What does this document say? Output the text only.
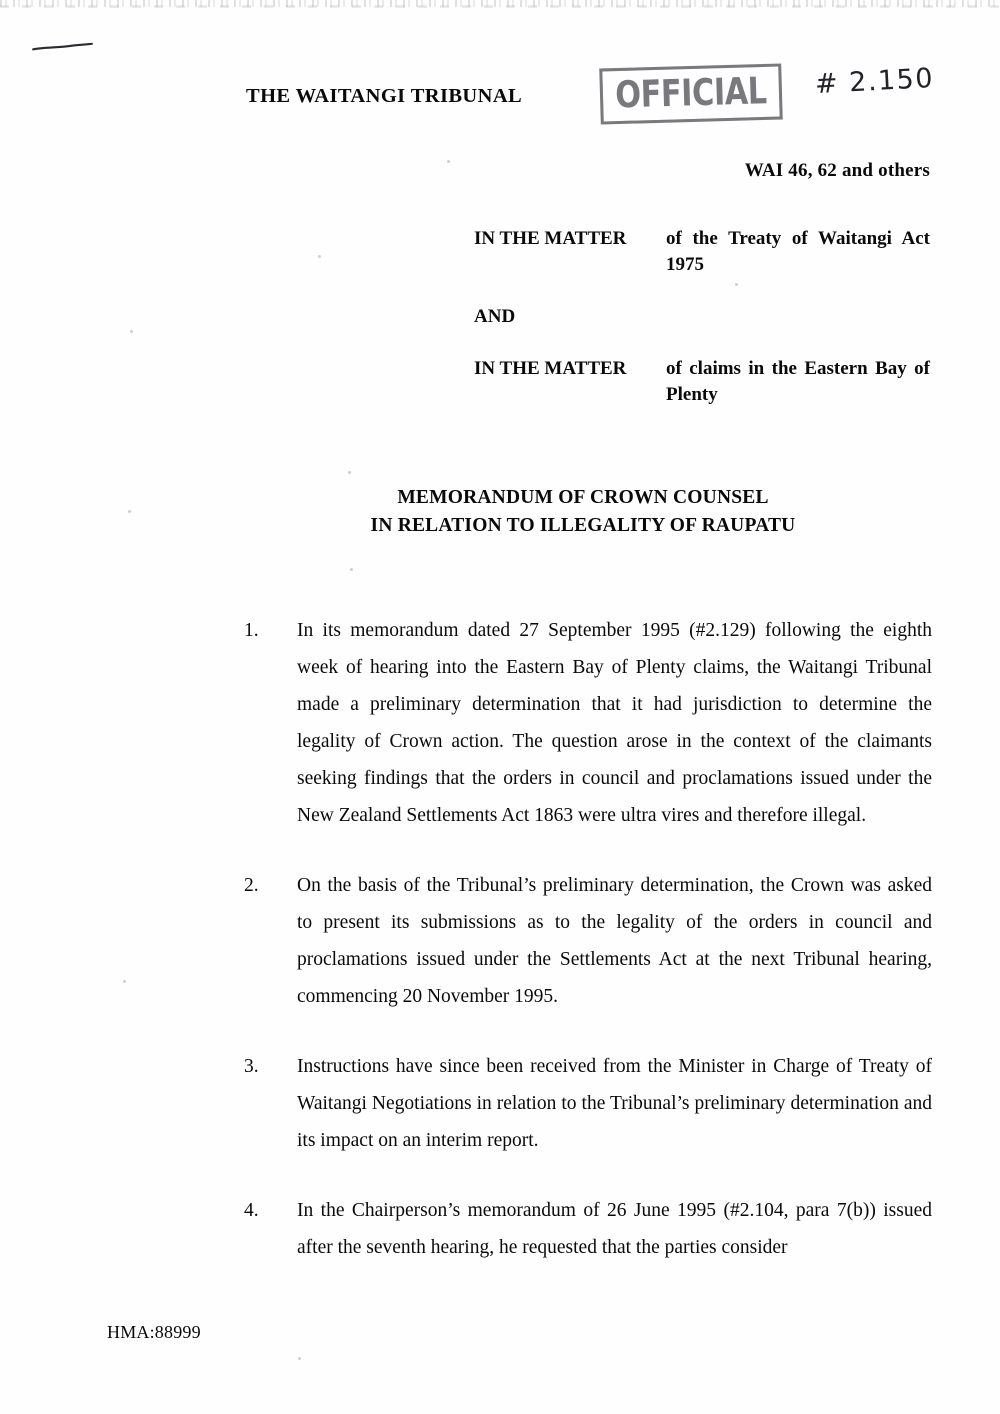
THE WAITANGI TRIBUNAL	OFFICIAL # 2.150
WAI 46, 62 and others
IN THE MATTER	of the Treaty of Waitangi Act 1975
AND
IN THE MATTER	of claims in the Eastern Bay of Plenty
MEMORANDUM OF CROWN COUNSEL
IN RELATION TO ILLEGALITY OF RAUPATU
1.	In its memorandum dated 27 September 1995 (#2.129) following the eighth week of hearing into the Eastern Bay of Plenty claims, the Waitangi Tribunal made a preliminary determination that it had jurisdiction to determine the legality of Crown action. The question arose in the context of the claimants seeking findings that the orders in council and proclamations issued under the New Zealand Settlements Act 1863 were ultra vires and therefore illegal.
2.	On the basis of the Tribunal’s preliminary determination, the Crown was asked to present its submissions as to the legality of the orders in council and proclamations issued under the Settlements Act at the next Tribunal hearing, commencing 20 November 1995.
3.	Instructions have since been received from the Minister in Charge of Treaty of Waitangi Negotiations in relation to the Tribunal’s preliminary determination and its impact on an interim report.
4.	In the Chairperson’s memorandum of 26 June 1995 (#2.104, para 7(b)) issued after the seventh hearing, he requested that the parties consider
HMA:88999
